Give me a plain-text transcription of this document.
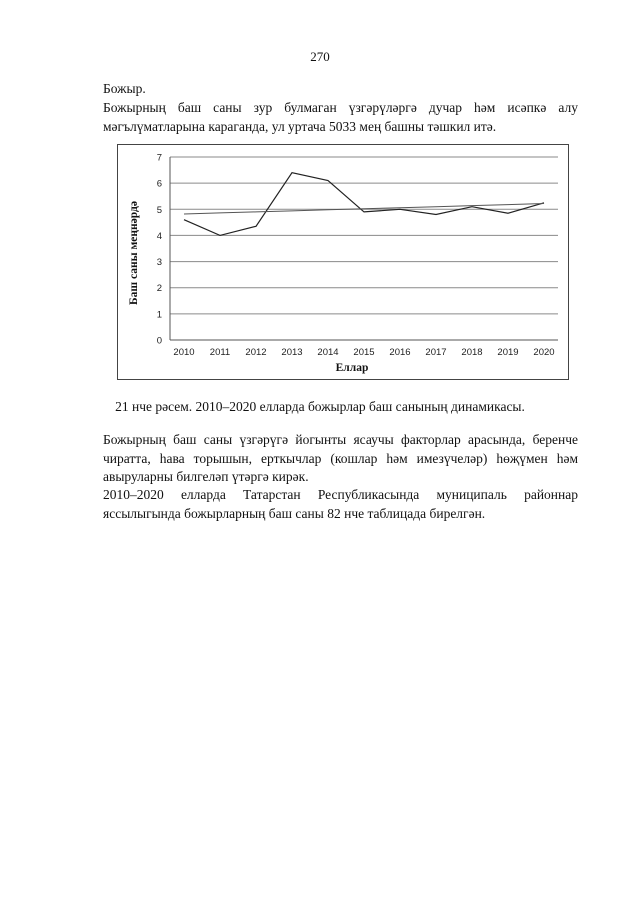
270
Божыр.
Божырның баш саны зур булмаган үзгәрүләргә дучар һәм исәпкә алу мәгълүматларына караганда, ул уртача 5033 мең башны тәшкил итә.
0
1
2
3
4
5
6
7
2010 2011 2012 2013 2014 2015 2016 2017 2018 2019 2020
Еллар
Баш саны меңнәрдә
21 нче рәсем. 2010–2020 елларда божырлар баш санының динамикасы.
Божырның баш саны үзгәрүгә йогынты ясаучы факторлар арасында, беренче чиратта, һава торышын, ерткычлар (кошлар һәм имезүчеләр) һөҗүмен һәм авыруларны билгеләп үтәргә кирәк.
2010–2020 елларда Татарстан Республикасында муниципаль районнар яссылыгында божырларның баш саны 82 нче таблицада бирелгән.
